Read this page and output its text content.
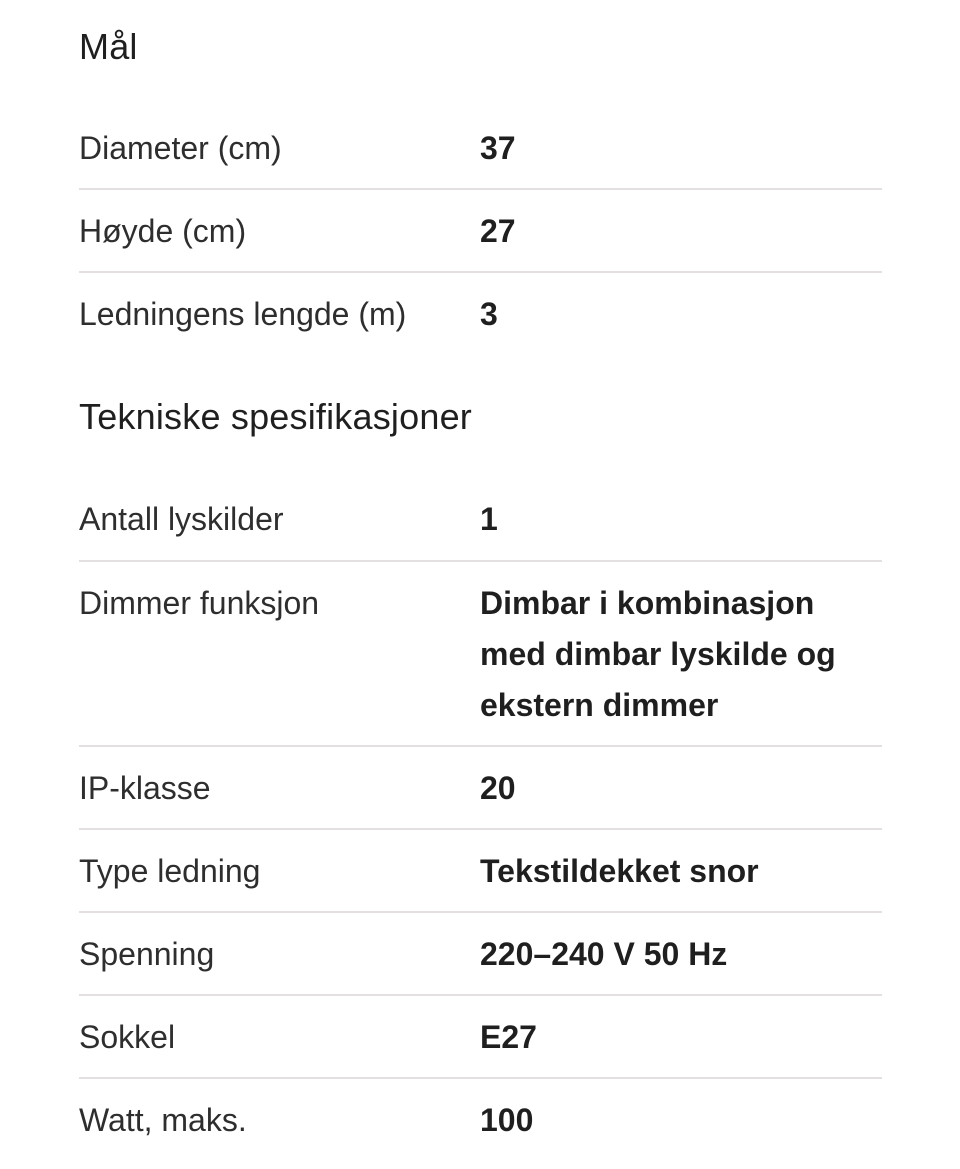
Mål
Diameter (cm)	37
Høyde (cm)	27
Ledningens lengde (m)	3
Tekniske spesifikasjoner
Antall lyskilder	1
Dimmer funksjon	Dimbar i kombinasjon med dimbar lyskilde og ekstern dimmer
IP-klasse	20
Type ledning	Tekstildekket snor
Spenning	220–240 V 50 Hz
Sokkel	E27
Watt, maks.	100
